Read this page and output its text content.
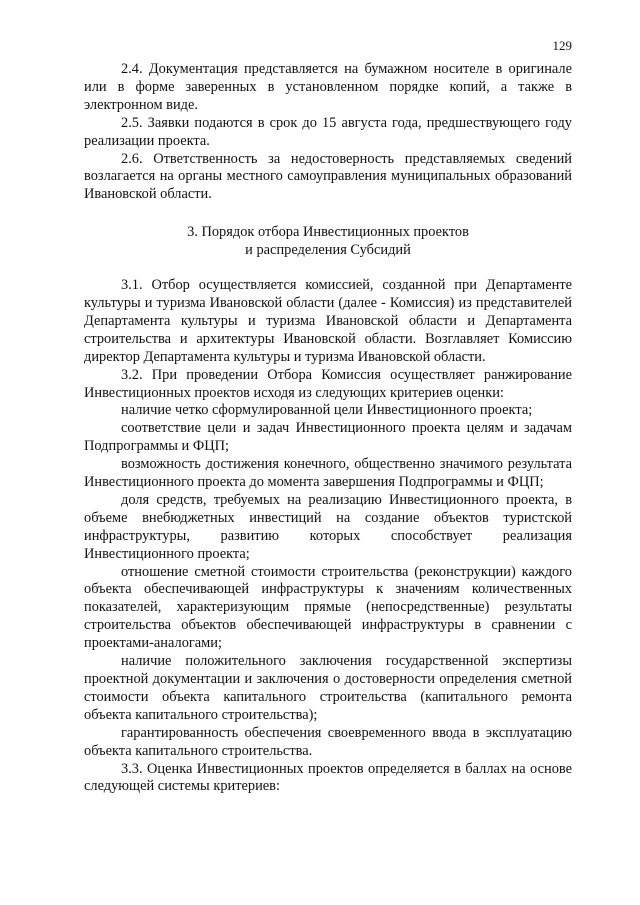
129

2.4. Документация представляется на бумажном носителе в оригинале или в форме заверенных в установленном порядке копий, а также в электронном виде.

2.5. Заявки подаются в срок до 15 августа года, предшествующего году реализации проекта.

2.6. Ответственность за недостоверность представляемых сведений возлагается на органы местного самоуправления муниципальных образований Ивановской области.

3. Порядок отбора Инвестиционных проектов
и распределения Субсидий

3.1. Отбор осуществляется комиссией, созданной при Департаменте культуры и туризма Ивановской области (далее - Комиссия) из представителей Департамента культуры и туризма Ивановской области и Департамента строительства и архитектуры Ивановской области. Возглавляет Комиссию директор Департамента культуры и туризма Ивановской области.

3.2. При проведении Отбора Комиссия осуществляет ранжирование Инвестиционных проектов исходя из следующих критериев оценки:

наличие четко сформулированной цели Инвестиционного проекта;

соответствие цели и задач Инвестиционного проекта целям и задачам Подпрограммы и ФЦП;

возможность достижения конечного, общественно значимого результата Инвестиционного проекта до момента завершения Подпрограммы и ФЦП;

доля средств, требуемых на реализацию Инвестиционного проекта, в объеме внебюджетных инвестиций на создание объектов туристской инфраструктуры, развитию которых способствует реализация Инвестиционного проекта;

отношение сметной стоимости строительства (реконструкции) каждого объекта обеспечивающей инфраструктуры к значениям количественных показателей, характеризующим прямые (непосредственные) результаты строительства объектов обеспечивающей инфраструктуры в сравнении с проектами-аналогами;

наличие положительного заключения государственной экспертизы проектной документации и заключения о достоверности определения сметной стоимости объекта капитального строительства (капитального ремонта объекта капитального строительства);

гарантированность обеспечения своевременного ввода в эксплуатацию объекта капитального строительства.

3.3. Оценка Инвестиционных проектов определяется в баллах на основе следующей системы критериев:
